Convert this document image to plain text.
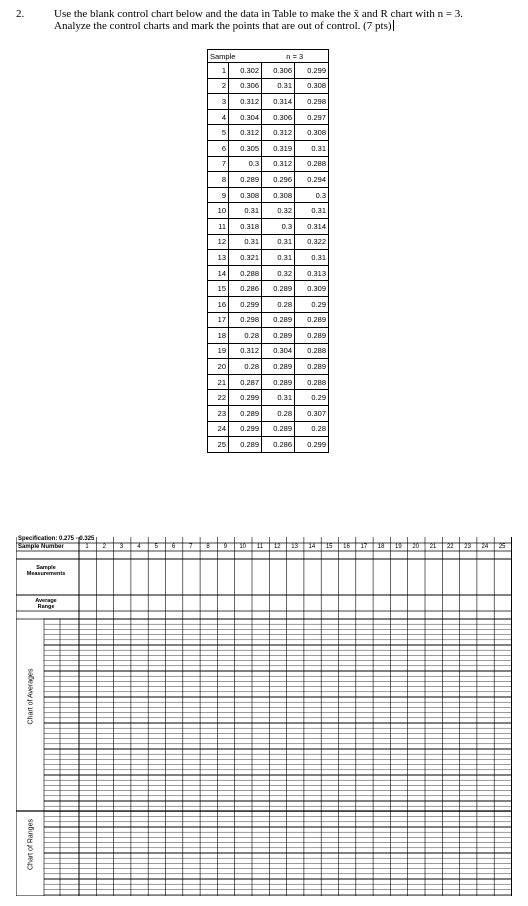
2.	Use the blank control chart below and the data in Table to make the x̄ and R chart with n = 3.
Analyze the control charts and mark the points that are out of control. (7 pts)
Sample		n = 3	
1	0.302	0.306	0.299
2	0.306	0.31	0.308
3	0.312	0.314	0.298
4	0.304	0.306	0.297
5	0.312	0.312	0.308
6	0.305	0.319	0.31
7	0.3	0.312	0.288
8	0.289	0.296	0.294
9	0.308	0.308	0.3
10	0.31	0.32	0.31
11	0.318	0.3	0.314
12	0.31	0.31	0.322
13	0.321	0.31	0.31
14	0.288	0.32	0.313
15	0.286	0.289	0.309
16	0.299	0.28	0.29
17	0.298	0.289	0.289
18	0.28	0.289	0.289
19	0.312	0.304	0.288
20	0.28	0.289	0.289
21	0.287	0.289	0.288
22	0.299	0.31	0.29
23	0.289	0.28	0.307
24	0.299	0.289	0.28
25	0.289	0.286	0.299
Specification: 0.275 - 0.325
Sample Number	1	2	3	4	5	6	7	8	9	10	11	12	13	14	15	16	17	18	19	20	21	22	23	24	25
Sample
Measurements
Average
Range
Chart of Averages
Chart of Ranges
